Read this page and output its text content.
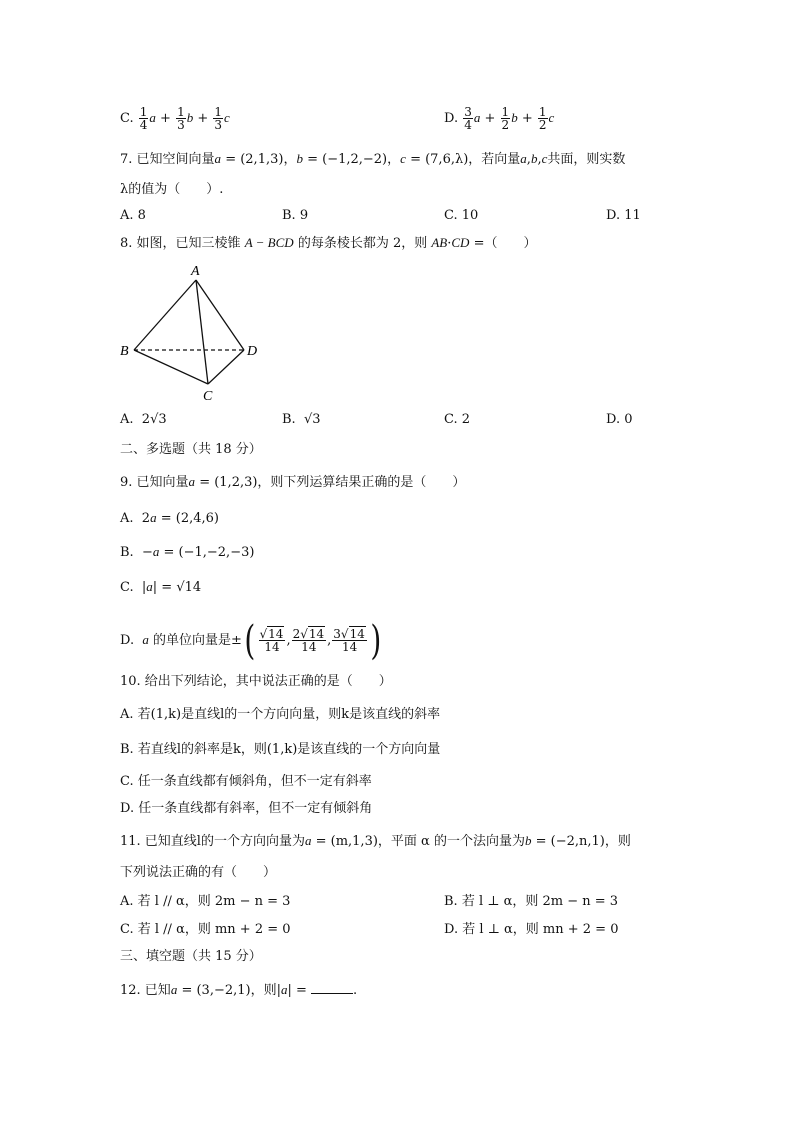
C. $\frac{1}{4}$ $a + \frac{1}{3}$ $b + \frac{1}{3}$ c	D. $\frac{3}{4}$ $a + \frac{1}{2}$ $b + \frac{1}{2}$ c
7. 已知空间向量a = (2,1,3)，b = (−1,2,−2)，c = (7,6,λ)，若向量a,b,c共面，则实数
λ的值为（　　）.
A. 8	B. 9	C. 10	D. 11
8. 如图，已知三棱锥 A − BCD 的每条棱长都为 2，则 AB·CD =（　　）
A
B
C
D
A. 2√3	B. √3	C. 2	D. 0
二、多选题（共 18 分）
9. 已知向量a = (1,2,3)，则下列运算结果正确的是（　　）
A.  2a = (2,4,6)
B.  −a = (−1,−2,−3)
C.  |a| = √14
D. a 的单位向量是±( $\frac{√14}{14}$ , $\frac{2√14}{14}$ , $\frac{3√14}{14}$ )
10. 给出下列结论，其中说法正确的是（　　）
A. 若(1,k)是直线l的一个方向向量，则k是该直线的斜率
B. 若直线l的斜率是k，则(1,k)是该直线的一个方向向量
C. 任一条直线都有倾斜角，但不一定有斜率
D. 任一条直线都有斜率，但不一定有倾斜角
11. 已知直线l的一个方向向量为a = (m,1,3)，平面 α 的一个法向量为b = (−2,n,1)，则
下列说法正确的有（　　）
A. 若 l // α，则 2m − n = 3	B. 若 l ⊥ α，则 2m − n = 3
C. 若 l // α，则 mn + 2 = 0	D. 若 l ⊥ α，则 mn + 2 = 0
三、填空题（共 15 分）
12. 已知a = (3,−2,1)，则|a| =	.
